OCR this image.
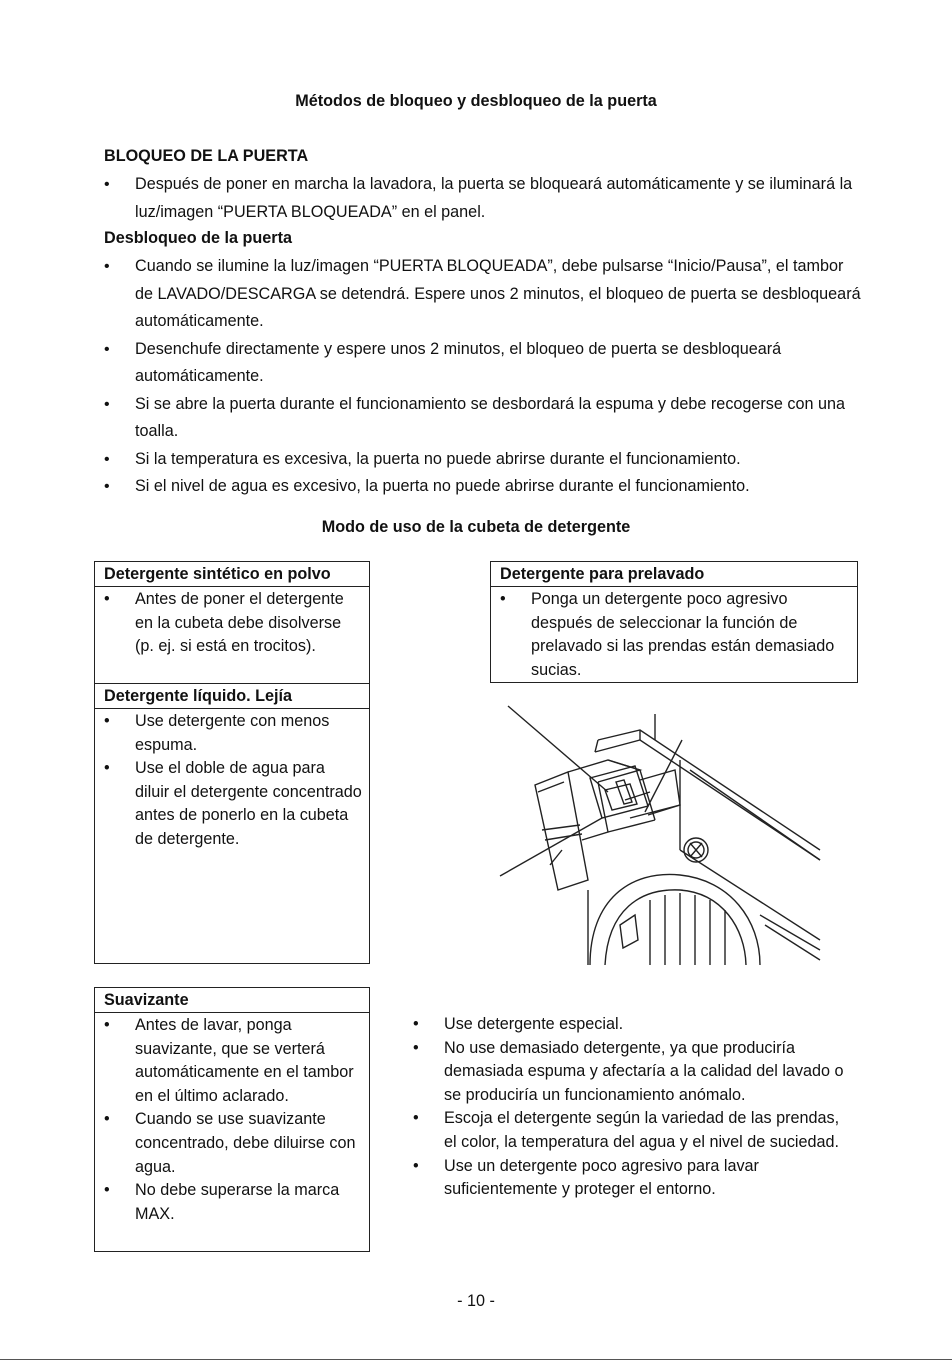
Métodos de bloqueo y desbloqueo de la puerta
BLOQUEO DE LA PUERTA
• Después de poner en marcha la lavadora, la puerta se bloqueará automáticamente y se iluminará la luz/imagen “PUERTA BLOQUEADA” en el panel.
Desbloqueo de la puerta
• Cuando se ilumine la luz/imagen “PUERTA BLOQUEADA”, debe pulsarse “Inicio/Pausa”, el tambor de LAVADO/DESCARGA se detendrá. Espere unos 2 minutos, el bloqueo de puerta se desbloqueará automáticamente.
• Desenchufe directamente y espere unos 2 minutos, el bloqueo de puerta se desbloqueará automáticamente.
• Si se abre la puerta durante el funcionamiento se desbordará la espuma y debe recogerse con una toalla.
• Si la temperatura es excesiva, la puerta no puede abrirse durante el funcionamiento.
• Si el nivel de agua es excesivo, la puerta no puede abrirse durante el funcionamiento.
Modo de uso de la cubeta de detergente
Detergente sintético en polvo
• Antes de poner el detergente en la cubeta debe disolverse (p. ej. si está en trocitos).
Detergente líquido. Lejía
• Use detergente con menos espuma.
• Use el doble de agua para diluir el detergente concentrado antes de ponerlo en la cubeta de detergente.
Detergente para prelavado
• Ponga un detergente poco agresivo después de seleccionar la función de prelavado si las prendas están demasiado sucias.
Suavizante
• Antes de lavar, ponga suavizante, que se verterá automáticamente en el tambor en el último aclarado.
• Cuando se use suavizante concentrado, debe diluirse con agua.
• No debe superarse la marca MAX.
• Use detergente especial.
• No use demasiado detergente, ya que produciría demasiada espuma y afectaría a la calidad del lavado o se produciría un funcionamiento anómalo.
• Escoja el detergente según la variedad de las prendas, el color, la temperatura del agua y el nivel de suciedad.
• Use un detergente poco agresivo para lavar suficientemente y proteger el entorno.
- 10 -
